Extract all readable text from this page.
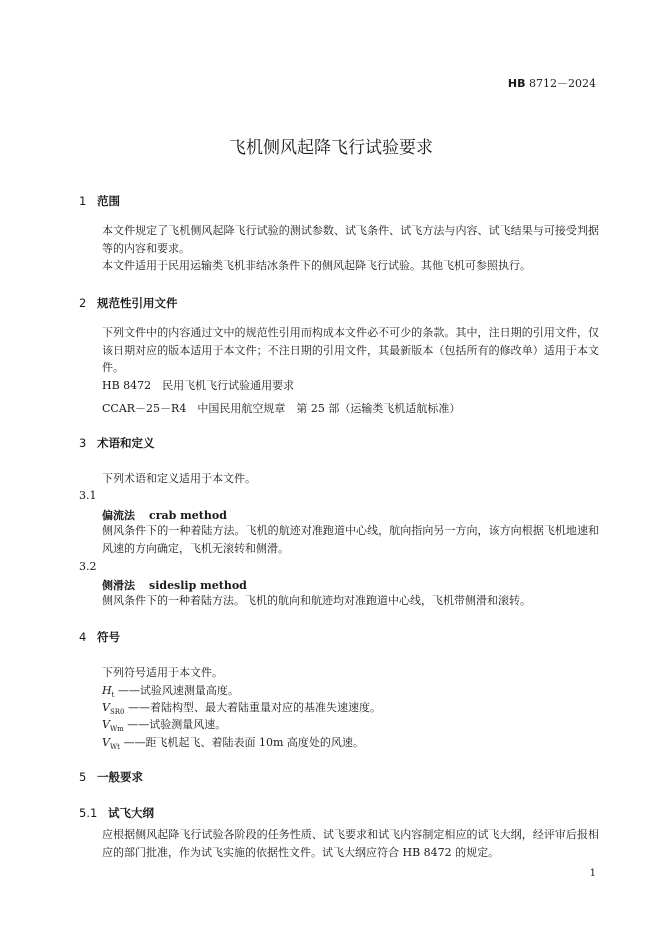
HB 8712－2024
飞机侧风起降飞行试验要求
1 范围
本文件规定了飞机侧风起降飞行试验的测试参数、试飞条件、试飞方法与内容、试飞结果与可接受判据等的内容和要求。
本文件适用于民用运输类飞机非结冰条件下的侧风起降飞行试验。其他飞机可参照执行。
2 规范性引用文件
下列文件中的内容通过文中的规范性引用而构成本文件必不可少的条款。其中，注日期的引用文件，仅该日期对应的版本适用于本文件；不注日期的引用文件，其最新版本（包括所有的修改单）适用于本文件。
HB 8472　民用飞机飞行试验通用要求
CCAR－25－R4　中国民用航空规章　第 25 部（运输类飞机适航标准）
3 术语和定义
下列术语和定义适用于本文件。
3.1
偏流法 crab method
侧风条件下的一种着陆方法。飞机的航迹对准跑道中心线，航向指向另一方向，该方向根据飞机地速和风速的方向确定，飞机无滚转和侧滑。
3.2
侧滑法 sideslip method
侧风条件下的一种着陆方法。飞机的航向和航迹均对准跑道中心线，飞机带侧滑和滚转。
4 符号
下列符号适用于本文件。
$H_t$ ——试验风速测量高度。
$V_{SR0}$ ——着陆构型、最大着陆重量对应的基准失速速度。
$V_{Wm}$ ——试验测量风速。
$V_{Wt}$ ——距飞机起飞、着陆表面 10m 高度处的风速。
5 一般要求
5.1 试飞大纲
应根据侧风起降飞行试验各阶段的任务性质、试飞要求和试飞内容制定相应的试飞大纲，经评审后报相应的部门批准，作为试飞实施的依据性文件。试飞大纲应符合 HB 8472 的规定。
1
